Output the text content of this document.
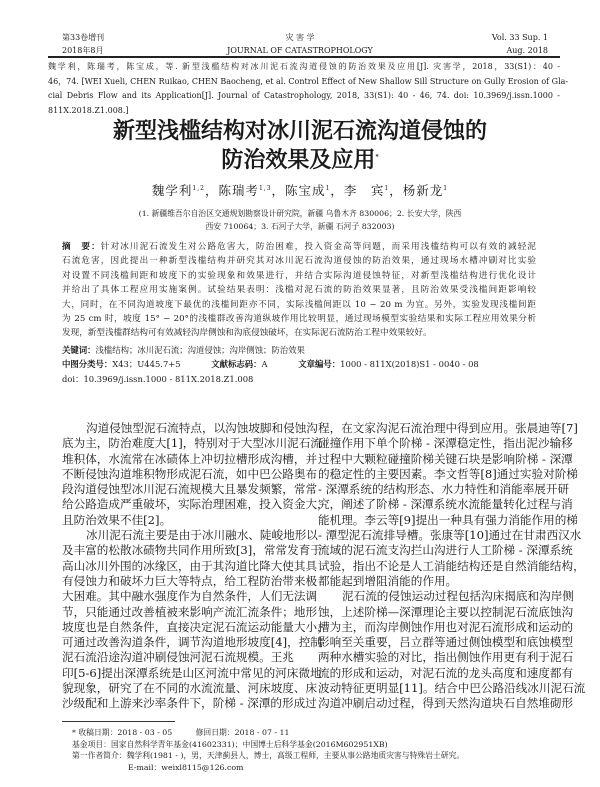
第33卷增刊
2018年8月
灾 害 学
JOURNAL OF CATASTROPHOLOGY
Vol. 33 Sup. 1
Aug. 2018
魏学利，陈瑞考，陈宝成，等. 新型浅槛结构对冰川泥石流沟道侵蚀的防治效果及应用[J]. 灾害学，2018，33(S1)：40 -
46，74. [WEI Xueli, CHEN Ruikao, CHEN Baocheng, et al. Control Effect of New Shallow Sill Structure on Gully Erosion of Gla-
cial Debris Flow and its Application[J]. Journal of Catastrophology, 2018, 33(S1): 40 - 46, 74. doi: 10.3969/j.issn.1000 -
811X.2018.Z1.008.]
新型浅槛结构对冰川泥石流沟道侵蚀的
防治效果及应用*
魏学利$^{1,2}$，陈瑞考$^{1,3}$，陈宝成$^1$，李　宾$^1$，杨新龙$^1$
(1. 新疆维吾尔自治区交通规划勘察设计研究院，新疆 乌鲁木齐 830006；2. 长安大学，陕西
西安 710064；3. 石河子大学，新疆 石河子 832003)
摘　要：针对冰川泥石流发生对公路危害大，防治困难，投入资金高等问题，而采用浅槛结构可以有效的减轻泥
石流危害，因此提出一种新型浅槛结构并研究其对冰川泥石流沟道侵蚀的防治效果，通过现场水槽冲刷对比实验
对设置不同浅槛间距和坡度下的实验现象和效果进行，并结合实际沟道侵蚀特征，对新型浅槛结构进行优化设计
并给出了具体工程应用实施案例。试验结果表明：浅槛对泥石流的防治效果显著，且防治效果受浅槛间距影响较
大，同时，在不同沟道坡度下最优的浅槛间距亦不同，实际浅槛间距以 10 ~ 20 m 为宜。另外，实验发现浅槛间距
为 25 cm 时，坡度 15° ~ 20°的浅槛群改善沟道纵坡作用比较明显，通过现场模型实验结果和实际工程应用效果分析
发现，新型浅槛群结构可有效减轻沟岸侧蚀和沟底侵蚀破坏，在实际泥石流防治工程中效果较好。
关键词：浅槛结构；冰川泥石流；沟道侵蚀；沟岸侧蚀；防治效果
中图分类号：X43；U445.7+5	文献标志码：A	文章编号：1000 - 811X(2018)S1 - 0040 - 08
doi：10.3969/j.issn.1000 - 811X.2018.Z1.008
沟道侵蚀型泥石流特点，以沟蚀坡脚和侵蚀沟
底为主，防治难度大[1]，特别对于大型冰川泥石流
堆积体，水流常在冰碛体上冲切拉槽形成沟槽，并
不断侵蚀沟道堆积物形成泥石流，如中巴公路奥布
段沟道侵蚀型冰川泥石流规模大且暴发频繁，常常
给公路造成严重破坏，实际治理困难，投入资金大，
且防治效果不佳[2]。
冰川泥石流主要是由于冰川融水、陡峻地形以
及丰富的松散冰碛物共同作用所致[3]，常常发育于
高山冰川外围的冰缘区，由于其沟道比降大使其具
有侵蚀力和破坏力巨大等特点，给工程防治带来极
大困难。其中融水强度作为自然条件，人们无法调
节，只能通过改善植被来影响产流汇流条件；地形
坡度也是自然条件，直接决定泥石流运动能量大小，
可通过改善沟道条件，调节沟道地形坡度[4]，控制
泥石流沿途沟道冲刷侵蚀河泥石流规模。王兆
印[5-6]提出深潭系统是山区河流中常见的河床微地
貌现象，研究了在不同的水流流量、河床坡度、床
沙级配和上游来沙率条件下，阶梯 - 深潭的形成过
程，在文家沟泥石流治理中得到应用。张晨迪等[7]
碰撞作用下单个阶梯 - 深潭稳定性，指出泥沙输移
过程中大颗粒碰撞阶梯关键石块是影响阶梯 - 深潭
的稳定性的主要因素。李文哲等[8]通过实验对阶梯
- 深潭系统的结构形态、水力特性和消能率展开研
究，阐述了阶梯 - 深潭系统水流能量转化过程与消
能机理。李云等[9]提出一种具有强力消能作用的梯
- 潭型泥石流排导槽。张康等[10]通过在甘肃西汉水
流域的泥石流支沟拦山沟进行人工阶梯 - 深潭系统
试验，指出不论是人工消能结构还是自然消能结构，
都能起到增阻消能的作用。
泥石流的侵蚀运动过程包括沟床揭底和沟岸侧
蚀，上述阶梯—深潭理论主要以控制泥石流底蚀沟
槽为主，而沟岸侧蚀作用也对泥石流形成和运动的
影响至关重要，吕立群等通过侧蚀模型和底蚀模型
两种水槽实验的对比，指出侧蚀作用更有利于泥石
流的形成和运动，对泥石流的龙头高度和速度都有
波动特征更明显[11]。结合中巴公路沿线冰川泥石流
沟道冲刷启动过程，得到天然沟道块石自然堆砌形
* 收稿日期：2018 - 03 - 05　　　修回日期：2018 - 07 - 11
基金项目：国家自然科学青年基金(41602331)；中国博士后科学基金(2016M602951XB)
第一作者简介：魏学利(1981 - )，男，天津蓟县人，博士，高级工程师，主要从事公路地质灾害与特殊岩土研究。
E-mail：weixl8115@126.com
